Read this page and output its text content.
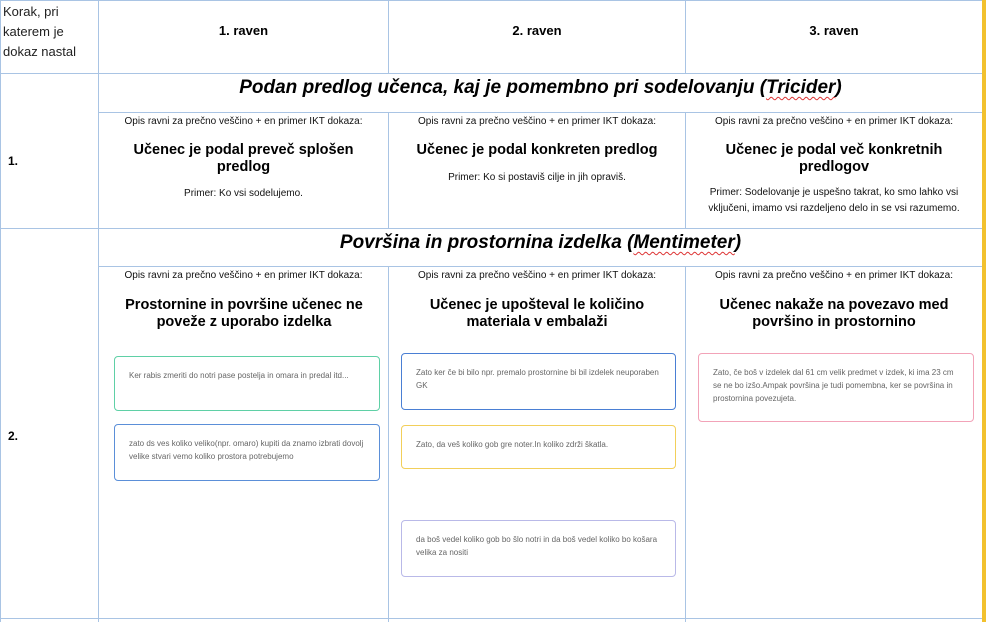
Korak, pri katerem je dokaz nastal
1. raven	2. raven	3. raven
1.
Podan predlog učenca, kaj je pomembno pri sodelovanju (Tricider)
Opis ravni za prečno veščino + en primer IKT dokaza:
Učenec je podal preveč splošen predlog
Primer: Ko vsi sodelujemo.
Opis ravni za prečno veščino + en primer IKT dokaza:
Učenec je podal konkreten predlog
Primer: Ko si postaviš cilje in jih opraviš.
Opis ravni za prečno veščino + en primer IKT dokaza:
Učenec je podal več konkretnih predlogov
Primer: Sodelovanje je uspešno takrat, ko smo lahko vsi vključeni, imamo vsi razdeljeno delo in se vsi razumemo.
2.
Površina in prostornina izdelka (Mentimeter)
Opis ravni za prečno veščino + en primer IKT dokaza:
Prostornine in površine učenec ne poveže z uporabo izdelka
Opis ravni za prečno veščino + en primer IKT dokaza:
Učenec je upošteval le količino materiala v embalaži
Opis ravni za prečno veščino + en primer IKT dokaza:
Učenec nakaže na povezavo med površino in prostornino
Ker rabis zmeriti do notri pase postelja in omara in predal itd...
zato ds ves koliko veliko(npr. omaro) kupiti da znamo izbrati dovolj velike stvari vemo koliko prostora potrebujemo
Zato ker če bi bilo npr. premalo prostornine bi bil izdelek neuporaben GK
Zato, da veš koliko gob gre noter.In koliko zdrži škatla.
da boš vedel koliko gob bo šlo notri in da boš vedel koliko bo košara velika za nositi
Zato, če boš v izdelek dal 61 cm velik predmet v izdek, ki ima 23 cm se ne bo izšo.Ampak površina je tudi pomembna, ker se površina in prostornina povezujeta.
